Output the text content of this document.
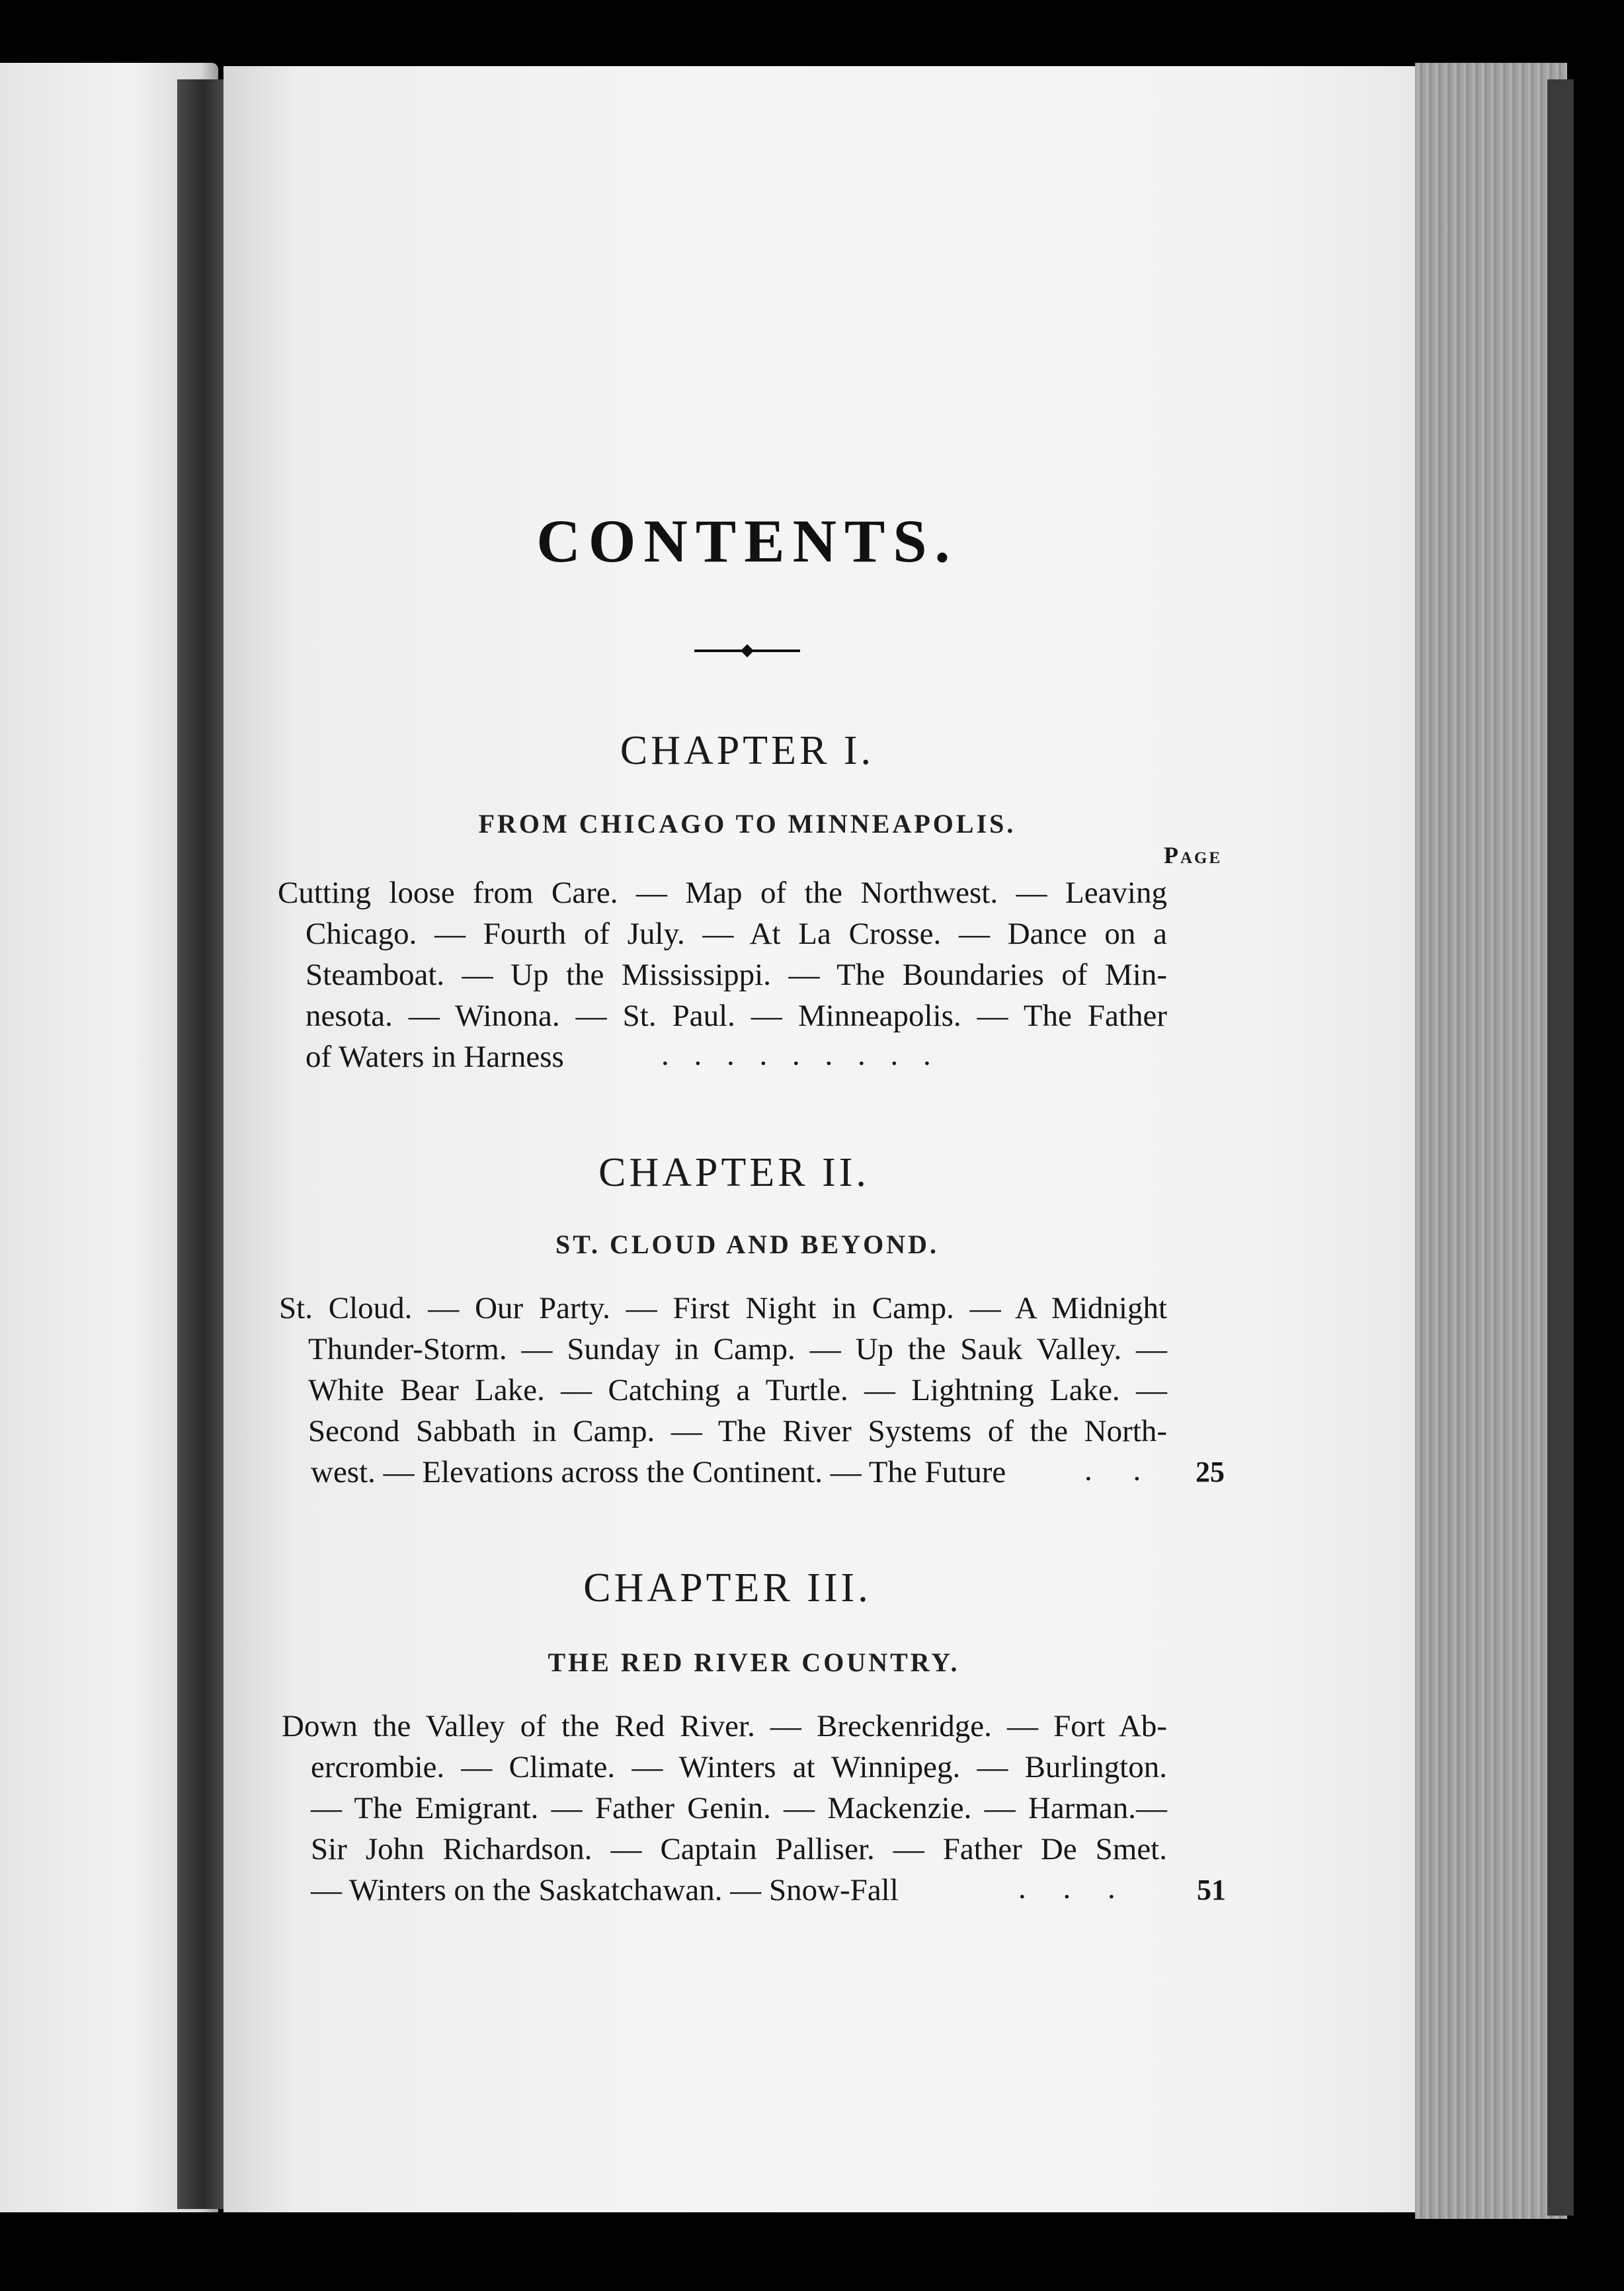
CONTENTS.
CHAPTER I.
FROM CHICAGO TO MINNEAPOLIS.
Page
Cutting loose from Care. — Map of the Northwest. — Leaving
Chicago. — Fourth of July. — At La Crosse. — Dance on a
Steamboat. — Up the Mississippi. — The Boundaries of Min-
nesota. — Winona. — St. Paul. — Minneapolis. — The Father
of Waters in Harness	. . . . . . . . .
CHAPTER II.
ST. CLOUD AND BEYOND.
St. Cloud. — Our Party. — First Night in Camp. — A Midnight
Thunder-Storm. — Sunday in Camp. — Up the Sauk Valley. —
White Bear Lake. — Catching a Turtle. — Lightning Lake. —
Second Sabbath in Camp. — The River Systems of the North-
west. — Elevations across the Continent. — The Future	. . 25
CHAPTER III.
THE RED RIVER COUNTRY.
Down the Valley of the Red River. — Breckenridge. — Fort Ab-
ercrombie. — Climate. — Winters at Winnipeg. — Burlington.
— The Emigrant. — Father Genin. — Mackenzie. — Harman.—
Sir John Richardson. — Captain Palliser. — Father De Smet.
— Winters on the Saskatchawan. — Snow-Fall	. . .	51
